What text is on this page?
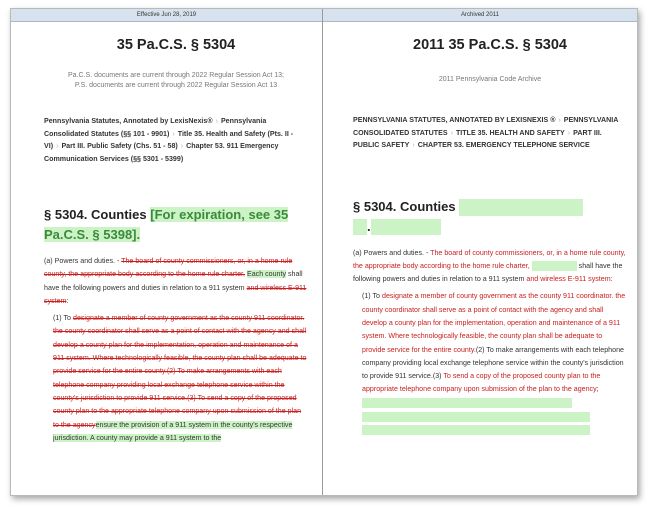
Effective Jun 28, 2019
35 Pa.C.S. § 5304
Pa.C.S. documents are current through 2022 Regular Session Act 13;
P.S. documents are current through 2022 Regular Session Act 13
Pennsylvania Statutes, Annotated by LexisNexis® › Pennsylvania Consolidated Statutes (§§ 101 - 9901) › Title 35. Health and Safety (Pts. II - VI) › Part III. Public Safety (Chs. 51 - 58) › Chapter 53. 911 Emergency Communication Services (§§ 5301 - 5399)
§ 5304. Counties [For expiration, see 35 Pa.C.S. § 5398].
(a) Powers and duties. - The board of county commissioners, or, in a home rule county, the appropriate body according to the home rule charter, Each county shall have the following powers and duties in relation to a 911 system and wireless E-911 system:
(1) To designate a member of county government as the county 911 coordinator. the county coordinator shall serve as a point of contact with the agency and shall develop a county plan for the implementation, operation and maintenance of a 911 system. Where technologically feasible, the county plan shall be adequate to provide service for the entire county.(2) To make arrangements with each telephone company providing local exchange telephone service within the county's jurisdiction to provide 911 service.(3) To send a copy of the proposed county plan to the appropriate telephone company upon submission of the plan to the agencyensure the provision of a 911 system in the county's respective jurisdiction. A county may provide a 911 system to the
Archived 2011
2011 35 Pa.C.S. § 5304
2011 Pennsylvania Code Archive
PENNSYLVANIA STATUTES, ANNOTATED BY LEXISNEXIS ® › PENNSYLVANIA CONSOLIDATED STATUTES › TITLE 35. HEALTH AND SAFETY › PART III. PUBLIC SAFETY › CHAPTER 53. EMERGENCY TELEPHONE SERVICE
§ 5304. Counties
.
(a) Powers and duties. - The board of county commissioners, or, in a home rule county, the appropriate body according to the home rule charter,	shall have the following powers and duties in relation to a 911 system and wireless E-911 system:
(1) To designate a member of county government as the county 911 coordinator. the county coordinator shall serve as a point of contact with the agency and shall develop a county plan for the implementation, operation and maintenance of a 911 system. Where technologically feasible, the county plan shall be adequate to provide service for the entire county.(2) To make arrangements with each telephone company providing local exchange telephone service within the county's jurisdiction to provide 911 service.(3) To send a copy of the proposed county plan to the appropriate telephone company upon submission of the plan to the agency;
